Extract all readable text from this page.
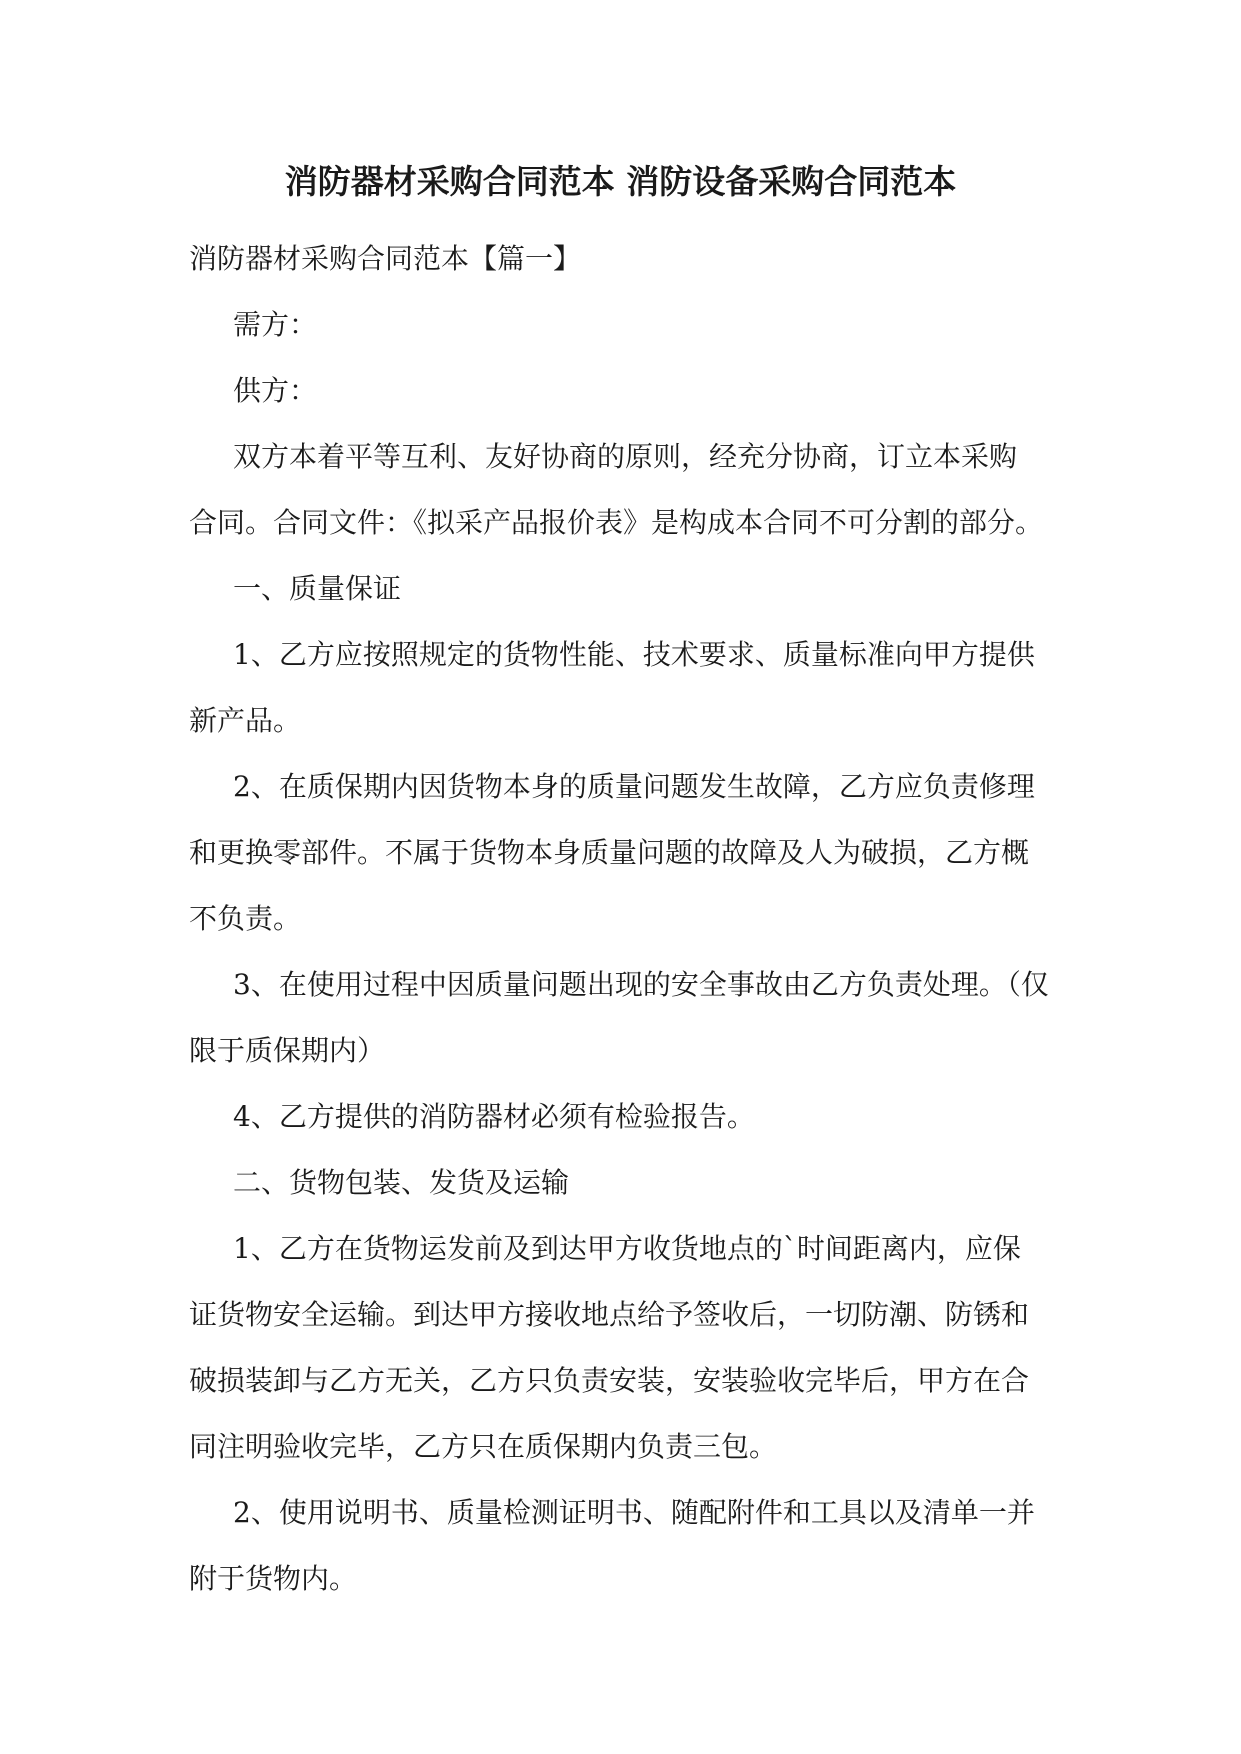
消防器材采购合同范本 消防设备采购合同范本

消防器材采购合同范本【篇一】

需方：

供方：

双方本着平等互利、友好协商的原则，经充分协商，订立本采购

合同。合同文件：《拟采产品报价表》是构成本合同不可分割的部分。

一、质量保证

1、乙方应按照规定的货物性能、技术要求、质量标准向甲方提供

新产品。

2、在质保期内因货物本身的质量问题发生故障，乙方应负责修理

和更换零部件。不属于货物本身质量问题的故障及人为破损，乙方概

不负责。

3、在使用过程中因质量问题出现的安全事故由乙方负责处理。（仅

限于质保期内）

4、乙方提供的消防器材必须有检验报告。

二、货物包装、发货及运输

1、乙方在货物运发前及到达甲方收货地点的`时间距离内，应保

证货物安全运输。到达甲方接收地点给予签收后，一切防潮、防锈和

破损装卸与乙方无关，乙方只负责安装，安装验收完毕后，甲方在合

同注明验收完毕，乙方只在质保期内负责三包。

2、使用说明书、质量检测证明书、随配附件和工具以及清单一并

附于货物内。
